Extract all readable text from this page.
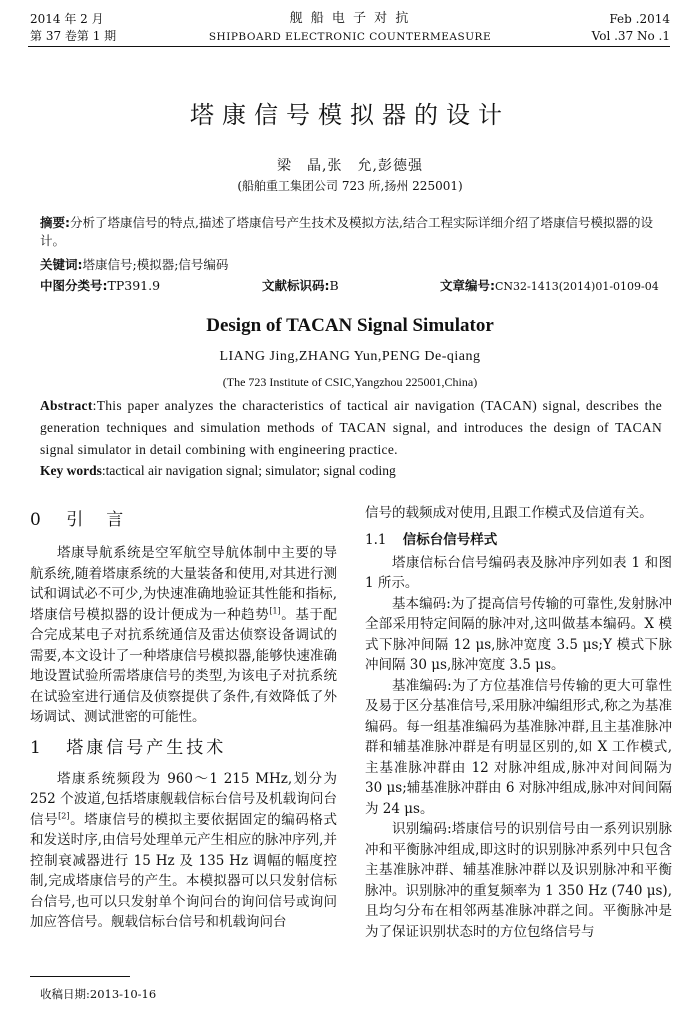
2014 年 2 月
第 37 卷第 1 期
舰 船 电 子 对 抗
SHIPBOARD ELECTRONIC COUNTERMEASURE
Feb .2014
Vol .37 No .1
塔康信号模拟器的设计
梁　晶,张　允,彭德强
(船舶重工集团公司 723 所,扬州 225001)
摘要:分析了塔康信号的特点,描述了塔康信号产生技术及模拟方法,结合工程实际详细介绍了塔康信号模拟器的设计。
关键词:塔康信号;模拟器;信号编码
中图分类号:TP391.9	文献标识码:B	文章编号:CN32-1413(2014)01-0109-04
Design of TACAN Signal Simulator
LIANG Jing,ZHANG Yun,PENG De-qiang
(The 723 Institute of CSIC,Yangzhou 225001,China)
Abstract:This paper analyzes the characteristics of tactical air navigation (TACAN) signal, describes the generation techniques and simulation methods of TACAN signal, and introduces the design of TACAN signal simulator in detail combining with engineering practice.
Key words:tactical air navigation signal; simulator; signal coding
0 引　言
塔康导航系统是空军航空导航体制中主要的导航系统,随着塔康系统的大量装备和使用,对其进行测试和调试必不可少,为快速准确地验证其性能和指标,塔康信号模拟器的设计便成为一种趋势[1]。基于配合完成某电子对抗系统通信及雷达侦察设备调试的需要,本文设计了一种塔康信号模拟器,能够快速准确地设置试验所需塔康信号的类型,为该电子对抗系统在试验室进行通信及侦察提供了条件,有效降低了外场调试、测试泄密的可能性。
1 塔康信号产生技术
塔康系统频段为 960～1 215 MHz,划分为 252 个波道,包括塔康舰载信标台信号及机载询问台信号[2]。塔康信号的模拟主要依据固定的编码格式和发送时序,由信号处理单元产生相应的脉冲序列,并控制衰减器进行 15 Hz 及 135 Hz 调幅的幅度控制,完成塔康信号的产生。本模拟器可以只发射信标台信号,也可以只发射单个询问台的询问信号或询问加应答信号。舰载信标台信号和机载询问台
收稿日期:2013-10-16
信号的载频成对使用,且跟工作模式及信道有关。
1.1 信标台信号样式
塔康信标台信号编码表及脉冲序列如表 1 和图 1 所示。
基本编码:为了提高信号传输的可靠性,发射脉冲全部采用特定间隔的脉冲对,这叫做基本编码。X 模式下脉冲间隔 12 μs,脉冲宽度 3.5 μs;Y 模式下脉冲间隔 30 μs,脉冲宽度 3.5 μs。
基准编码:为了方位基准信号传输的更大可靠性及易于区分基准信号,采用脉冲编组形式,称之为基准编码。每一组基准编码为基准脉冲群,且主基准脉冲群和辅基准脉冲群是有明显区别的,如 X 工作模式,主基准脉冲群由 12 对脉冲组成,脉冲对间间隔为 30 μs;辅基准脉冲群由 6 对脉冲组成,脉冲对间间隔为 24 μs。
识别编码:塔康信号的识别信号由一系列识别脉冲和平衡脉冲组成,即这时的识别脉冲系列中只包含主基准脉冲群、辅基准脉冲群以及识别脉冲和平衡脉冲。识别脉冲的重复频率为 1 350 Hz (740 μs),且均匀分布在相邻两基准脉冲群之间。平衡脉冲是为了保证识别状态时的方位包络信号与
